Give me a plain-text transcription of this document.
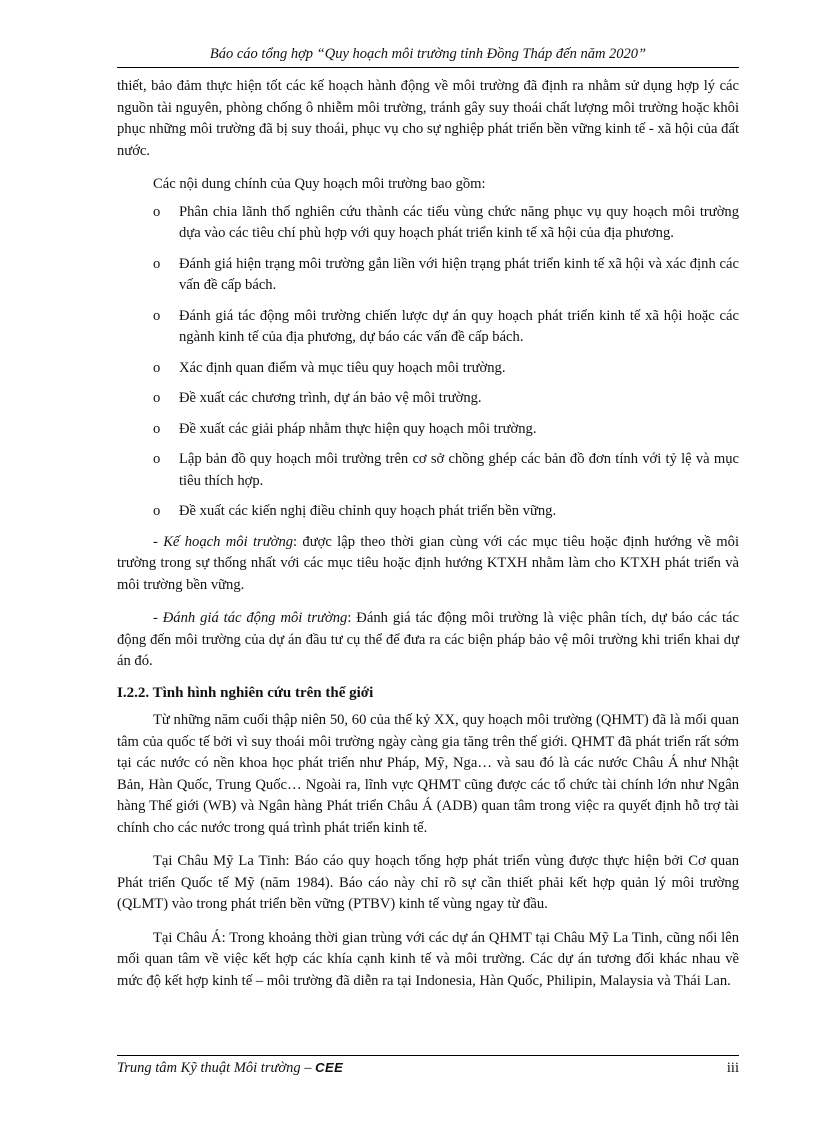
Báo cáo tổng hợp “Quy hoạch môi trường tỉnh Đồng Tháp đến năm 2020”

thiết, bảo đảm thực hiện tốt các kế hoạch hành động về môi trường đã định ra nhằm sử dụng hợp lý các nguồn tài nguyên, phòng chống ô nhiễm môi trường, tránh gây suy thoái chất lượng môi trường hoặc khôi phục những môi trường đã bị suy thoái, phục vụ cho sự nghiệp phát triển bền vững kinh tế - xã hội của đất nước.

Các nội dung chính của Quy hoạch môi trường bao gồm:

o Phân chia lãnh thổ nghiên cứu thành các tiểu vùng chức năng phục vụ quy hoạch môi trường dựa vào các tiêu chí phù hợp với quy hoạch phát triển kinh tế xã hội của địa phương.
o Đánh giá hiện trạng môi trường gắn liền với hiện trạng phát triển kinh tế xã hội và xác định các vấn đề cấp bách.
o Đánh giá tác động môi trường chiến lược dự án quy hoạch phát triển kinh tế xã hội hoặc các ngành kinh tế của địa phương, dự báo các vấn đề cấp bách.
o Xác định quan điểm và mục tiêu quy hoạch môi trường.
o Đề xuất các chương trình, dự án bảo vệ môi trường.
o Đề xuất các giải pháp nhằm thực hiện quy hoạch môi trường.
o Lập bản đồ quy hoạch môi trường trên cơ sở chồng ghép các bản đồ đơn tính với tỷ lệ và mục tiêu thích hợp.
o Đề xuất các kiến nghị điều chỉnh quy hoạch phát triển bền vững.

- Kế hoạch môi trường: được lập theo thời gian cùng với các mục tiêu hoặc định hướng về môi trường trong sự thống nhất với các mục tiêu hoặc định hướng KTXH nhằm làm cho KTXH phát triển và môi trường bền vững.

- Đánh giá tác động môi trường: Đánh giá tác động môi trường là việc phân tích, dự báo các tác động đến môi trường của dự án đầu tư cụ thể để đưa ra các biện pháp bảo vệ môi trường khi triển khai dự án đó.

I.2.2. Tình hình nghiên cứu trên thế giới

Từ những năm cuối thập niên 50, 60 của thế kỷ XX, quy hoạch môi trường (QHMT) đã là mối quan tâm của quốc tế bởi vì suy thoái môi trường ngày càng gia tăng trên thế giới. QHMT đã phát triển rất sớm tại các nước có nền khoa học phát triển như Pháp, Mỹ, Nga… và sau đó là các nước Châu Á như Nhật Bản, Hàn Quốc, Trung Quốc… Ngoài ra, lĩnh vực QHMT cũng được các tổ chức tài chính lớn như Ngân hàng Thế giới (WB) và Ngân hàng Phát triển Châu Á (ADB) quan tâm trong việc ra quyết định hỗ trợ tài chính cho các nước trong quá trình phát triển kinh tế.

Tại Châu Mỹ La Tinh: Báo cáo quy hoạch tổng hợp phát triển vùng được thực hiện bởi Cơ quan Phát triển Quốc tế Mỹ (năm 1984). Báo cáo này chỉ rõ sự cần thiết phải kết hợp quản lý môi trường (QLMT) vào trong phát triển bền vững (PTBV) kinh tế vùng ngay từ đầu.

Tại Châu Á: Trong khoảng thời gian trùng với các dự án QHMT tại Châu Mỹ La Tinh, cũng nổi lên mối quan tâm về việc kết hợp các khía cạnh kinh tế và môi trường. Các dự án tương đối khác nhau về mức độ kết hợp kinh tế – môi trường đã diễn ra tại Indonesia, Hàn Quốc, Philipin, Malaysia và Thái Lan.

Trung tâm Kỹ thuật Môi trường – CEE	iii
